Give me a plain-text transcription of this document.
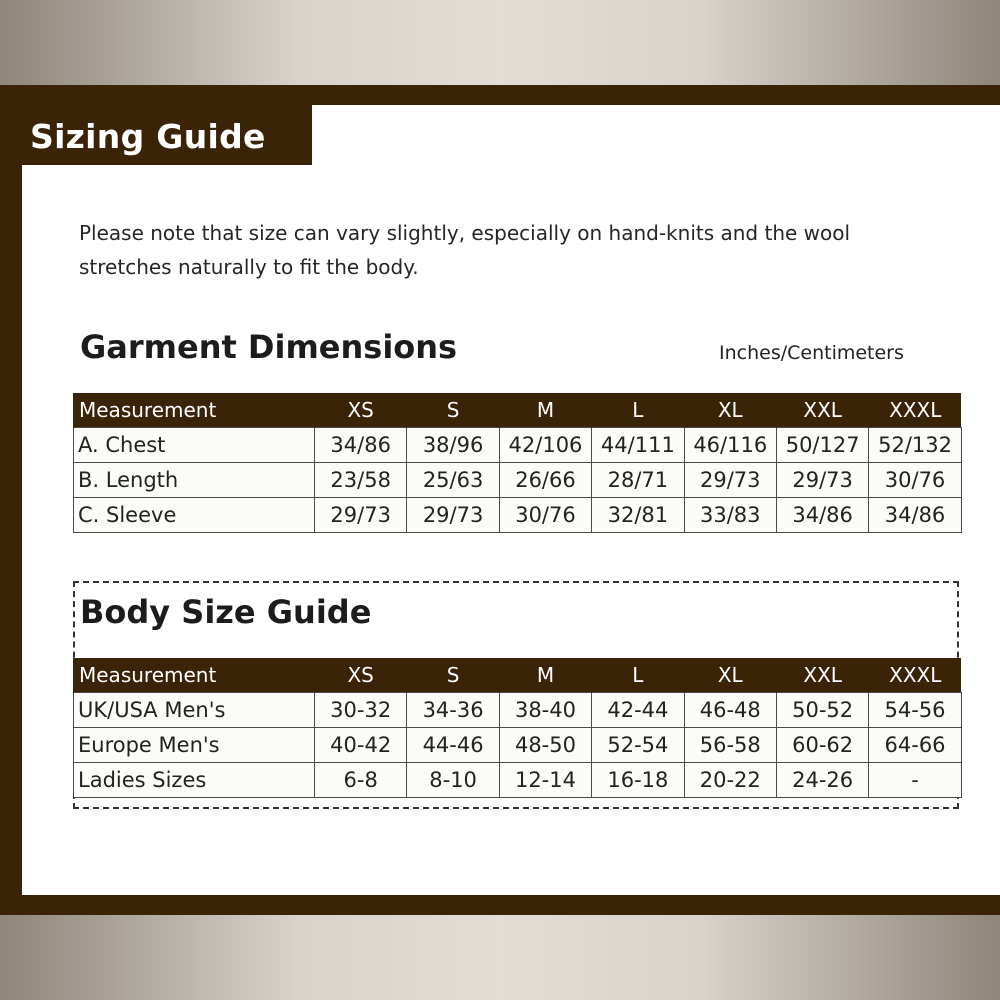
Sizing Guide
Please note that size can vary slightly, especially on hand-knits and the wool stretches naturally to fit the body.
Garment Dimensions	Inches/Centimeters
Measurement	XS	S	M	L	XL	XXL	XXXL
A. Chest	34/86	38/96	42/106	44/111	46/116	50/127	52/132
B. Length	23/58	25/63	26/66	28/71	29/73	29/73	30/76
C. Sleeve	29/73	29/73	30/76	32/81	33/83	34/86	34/86
Body Size Guide
Measurement	XS	S	M	L	XL	XXL	XXXL
UK/USA Men's	30-32	34-36	38-40	42-44	46-48	50-52	54-56
Europe Men's	40-42	44-46	48-50	52-54	56-58	60-62	64-66
Ladies Sizes	6-8	8-10	12-14	16-18	20-22	24-26	-
